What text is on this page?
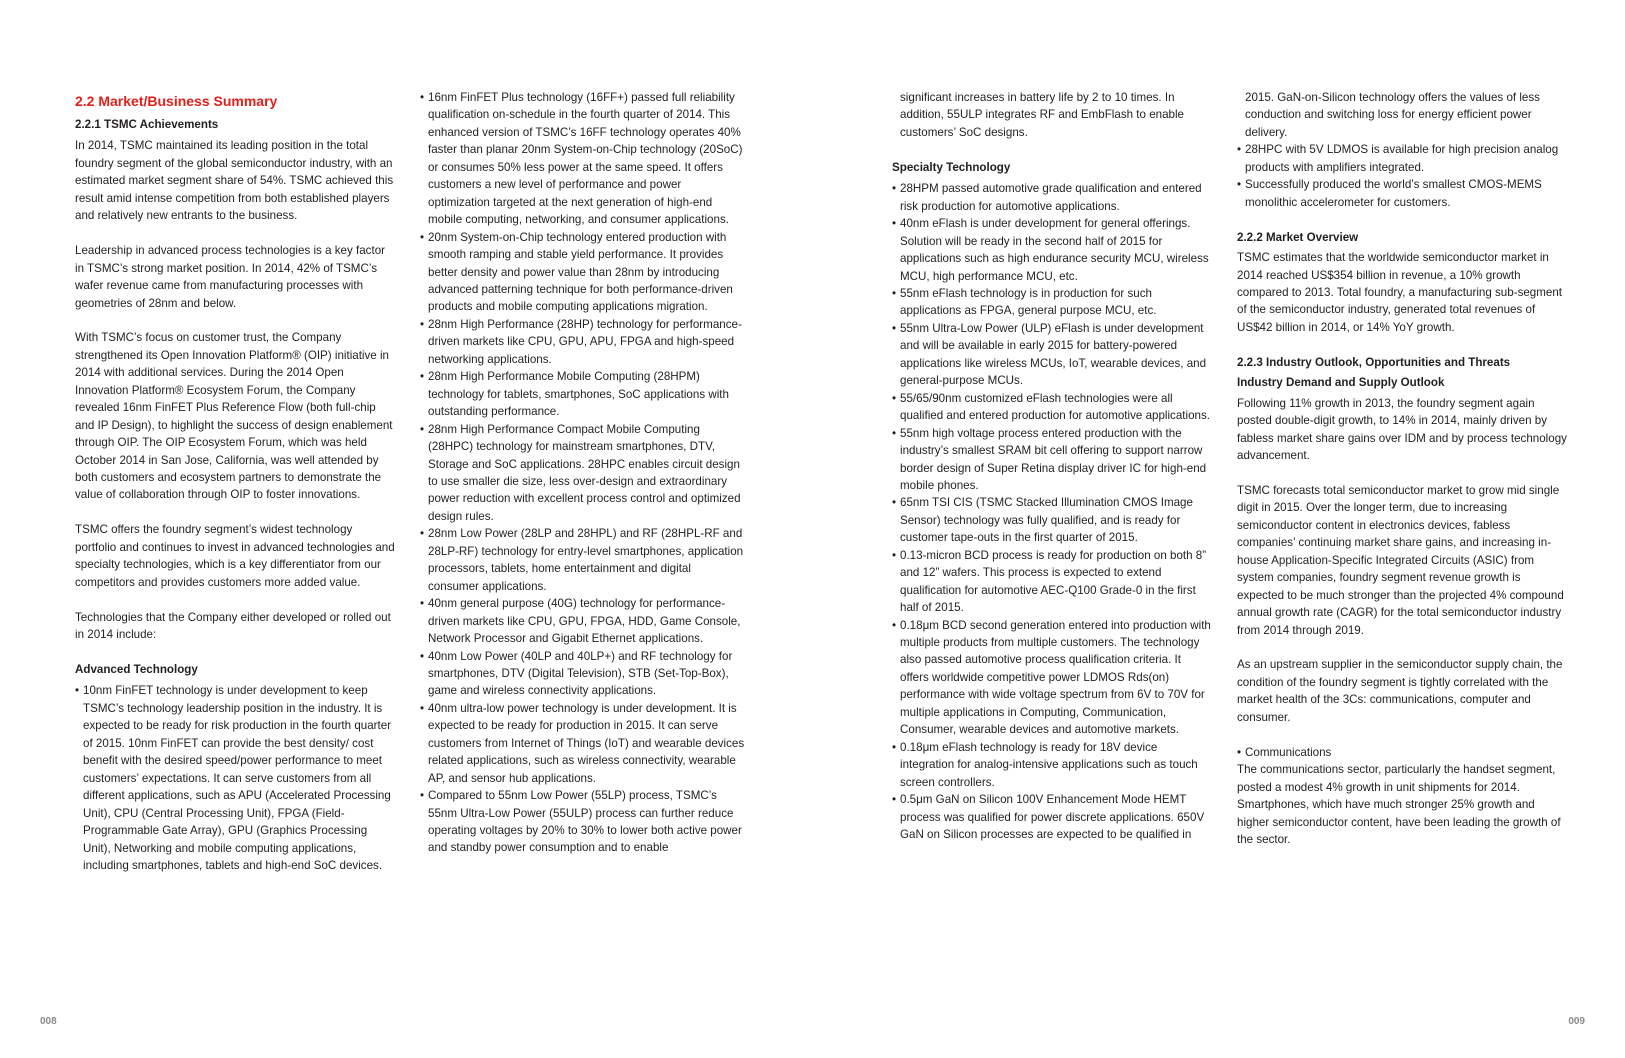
2.2 Market/Business Summary
2.2.1 TSMC Achievements

In 2014, TSMC maintained its leading position in the total foundry segment of the global semiconductor industry, with an estimated market segment share of 54%. TSMC achieved this result amid intense competition from both established players and relatively new entrants to the business.

Leadership in advanced process technologies is a key factor in TSMC’s strong market position. In 2014, 42% of TSMC’s wafer revenue came from manufacturing processes with geometries of 28nm and below.

With TSMC’s focus on customer trust, the Company strengthened its Open Innovation Platform® (OIP) initiative in 2014 with additional services. During the 2014 Open Innovation Platform® Ecosystem Forum, the Company revealed 16nm FinFET Plus Reference Flow (both full-chip and IP Design), to highlight the success of design enablement through OIP. The OIP Ecosystem Forum, which was held October 2014 in San Jose, California, was well attended by both customers and ecosystem partners to demonstrate the value of collaboration through OIP to foster innovations.

TSMC offers the foundry segment’s widest technology portfolio and continues to invest in advanced technologies and specialty technologies, which is a key differentiator from our competitors and provides customers more added value.

Technologies that the Company either developed or rolled out in 2014 include:

Advanced Technology
• 10nm FinFET technology is under development to keep TSMC’s technology leadership position in the industry. It is expected to be ready for risk production in the fourth quarter of 2015. 10nm FinFET can provide the best density/ cost benefit with the desired speed/power performance to meet customers’ expectations. It can serve customers from all different applications, such as APU (Accelerated Processing Unit), CPU (Central Processing Unit), FPGA (Field-Programmable Gate Array), GPU (Graphics Processing Unit), Networking and mobile computing applications, including smartphones, tablets and high-end SoC devices.
• 16nm FinFET Plus technology (16FF+) passed full reliability qualification on-schedule in the fourth quarter of 2014. This enhanced version of TSMC’s 16FF technology operates 40% faster than planar 20nm System-on-Chip technology (20SoC) or consumes 50% less power at the same speed. It offers customers a new level of performance and power optimization targeted at the next generation of high-end mobile computing, networking, and consumer applications.
• 20nm System-on-Chip technology entered production with smooth ramping and stable yield performance. It provides better density and power value than 28nm by introducing advanced patterning technique for both performance-driven products and mobile computing applications migration.
• 28nm High Performance (28HP) technology for performance-driven markets like CPU, GPU, APU, FPGA and high-speed networking applications.
• 28nm High Performance Mobile Computing (28HPM) technology for tablets, smartphones, SoC applications with outstanding performance.
• 28nm High Performance Compact Mobile Computing (28HPC) technology for mainstream smartphones, DTV, Storage and SoC applications. 28HPC enables circuit design to use smaller die size, less over-design and extraordinary power reduction with excellent process control and optimized design rules.
• 28nm Low Power (28LP and 28HPL) and RF (28HPL-RF and 28LP-RF) technology for entry-level smartphones, application processors, tablets, home entertainment and digital consumer applications.
• 40nm general purpose (40G) technology for performance-driven markets like CPU, GPU, FPGA, HDD, Game Console, Network Processor and Gigabit Ethernet applications.
• 40nm Low Power (40LP and 40LP+) and RF technology for smartphones, DTV (Digital Television), STB (Set-Top-Box), game and wireless connectivity applications.
• 40nm ultra-low power technology is under development. It is expected to be ready for production in 2015. It can serve customers from Internet of Things (IoT) and wearable devices related applications, such as wireless connectivity, wearable AP, and sensor hub applications.
• Compared to 55nm Low Power (55LP) process, TSMC’s 55nm Ultra-Low Power (55ULP) process can further reduce operating voltages by 20% to 30% to lower both active power and standby power consumption and to enable

significant increases in battery life by 2 to 10 times. In addition, 55ULP integrates RF and EmbFlash to enable customers’ SoC designs.

Specialty Technology
• 28HPM passed automotive grade qualification and entered risk production for automotive applications.
• 40nm eFlash is under development for general offerings. Solution will be ready in the second half of 2015 for applications such as high endurance security MCU, wireless MCU, high performance MCU, etc.
• 55nm eFlash technology is in production for such applications as FPGA, general purpose MCU, etc.
• 55nm Ultra-Low Power (ULP) eFlash is under development and will be available in early 2015 for battery-powered applications like wireless MCUs, IoT, wearable devices, and general-purpose MCUs.
• 55/65/90nm customized eFlash technologies were all qualified and entered production for automotive applications.
• 55nm high voltage process entered production with the industry’s smallest SRAM bit cell offering to support narrow border design of Super Retina display driver IC for high-end mobile phones.
• 65nm TSI CIS (TSMC Stacked Illumination CMOS Image Sensor) technology was fully qualified, and is ready for customer tape-outs in the first quarter of 2015.
• 0.13-micron BCD process is ready for production on both 8” and 12” wafers. This process is expected to extend qualification for automotive AEC-Q100 Grade-0 in the first half of 2015.
• 0.18μm BCD second generation entered into production with multiple products from multiple customers. The technology also passed automotive process qualification criteria. It offers worldwide competitive power LDMOS Rds(on) performance with wide voltage spectrum from 6V to 70V for multiple applications in Computing, Communication, Consumer, wearable devices and automotive markets.
• 0.18μm eFlash technology is ready for 18V device integration for analog-intensive applications such as touch screen controllers.
• 0.5μm GaN on Silicon 100V Enhancement Mode HEMT process was qualified for power discrete applications. 650V GaN on Silicon processes are expected to be qualified in

2015. GaN-on-Silicon technology offers the values of less conduction and switching loss for energy efficient power delivery.

• 28HPC with 5V LDMOS is available for high precision analog products with amplifiers integrated.
• Successfully produced the world’s smallest CMOS-MEMS monolithic accelerometer for customers.
2.2.2 Market Overview

TSMC estimates that the worldwide semiconductor market in 2014 reached US$354 billion in revenue, a 10% growth compared to 2013. Total foundry, a manufacturing sub-segment of the semiconductor industry, generated total revenues of US$42 billion in 2014, or 14% YoY growth.

2.2.3 Industry Outlook, Opportunities and Threats
Industry Demand and Supply Outlook

Following 11% growth in 2013, the foundry segment again posted double-digit growth, to 14% in 2014, mainly driven by fabless market share gains over IDM and by process technology advancement.

TSMC forecasts total semiconductor market to grow mid single digit in 2015. Over the longer term, due to increasing semiconductor content in electronics devices, fabless companies’ continuing market share gains, and increasing in-house Application-Specific Integrated Circuits (ASIC) from system companies, foundry segment revenue growth is expected to be much stronger than the projected 4% compound annual growth rate (CAGR) for the total semiconductor industry from 2014 through 2019.

As an upstream supplier in the semiconductor supply chain, the condition of the foundry segment is tightly correlated with the market health of the 3Cs: communications, computer and consumer.

• Communications

The communications sector, particularly the handset segment, posted a modest 4% growth in unit shipments for 2014. Smartphones, which have much stronger 25% growth and higher semiconductor content, have been leading the growth of the sector.

008	009
